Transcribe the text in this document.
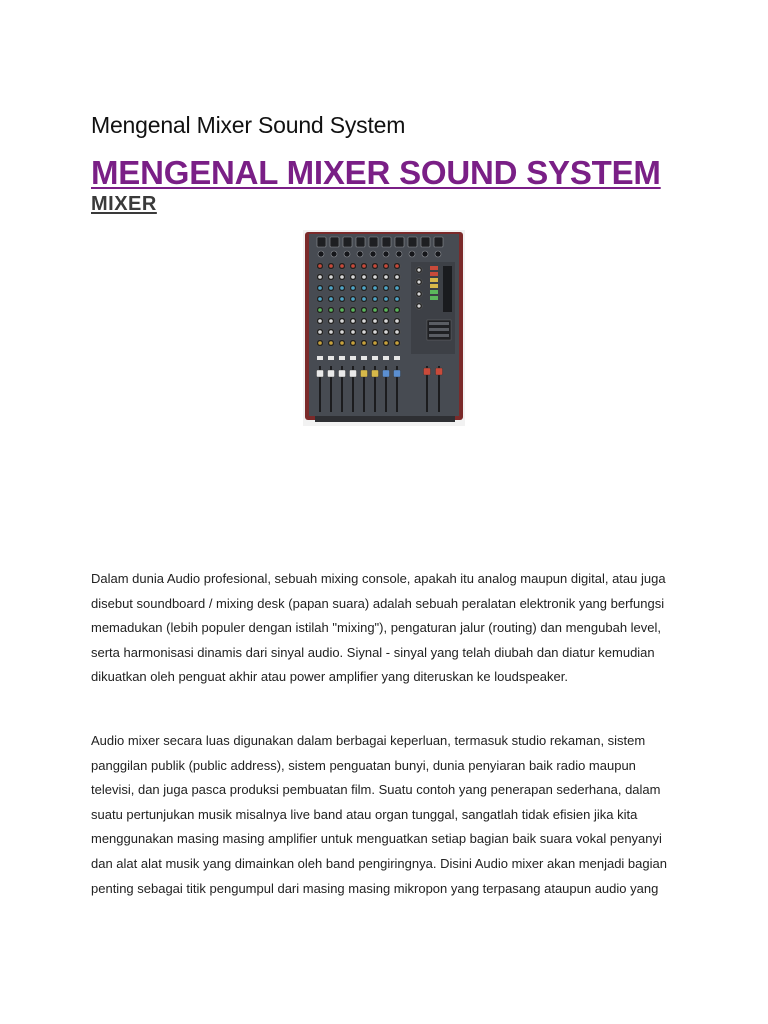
Mengenal Mixer Sound System
MENGENAL MIXER SOUND SYSTEM
MIXER

Dalam dunia Audio profesional, sebuah mixing console, apakah itu analog maupun digital, atau juga
disebut soundboard / mixing desk (papan suara) adalah sebuah peralatan elektronik yang berfungsi
memadukan (lebih populer dengan istilah "mixing"), pengaturan jalur (routing) dan mengubah level,
serta harmonisasi dinamis dari sinyal audio. Siynal - sinyal yang telah diubah dan diatur kemudian
dikuatkan oleh penguat akhir atau power amplifier yang diteruskan ke loudspeaker.

Audio mixer secara luas digunakan dalam berbagai keperluan, termasuk studio rekaman, sistem
panggilan publik (public address), sistem penguatan bunyi, dunia penyiaran baik radio maupun
televisi, dan juga pasca produksi pembuatan film. Suatu contoh yang penerapan sederhana, dalam
suatu pertunjukan musik misalnya live band atau organ tunggal, sangatlah tidak efisien jika kita
menggunakan masing masing amplifier untuk menguatkan setiap bagian baik suara vokal penyanyi
dan alat alat musik yang dimainkan oleh band pengiringnya. Disini Audio mixer akan menjadi bagian
penting sebagai titik pengumpul dari masing masing mikropon yang terpasang ataupun audio yang
